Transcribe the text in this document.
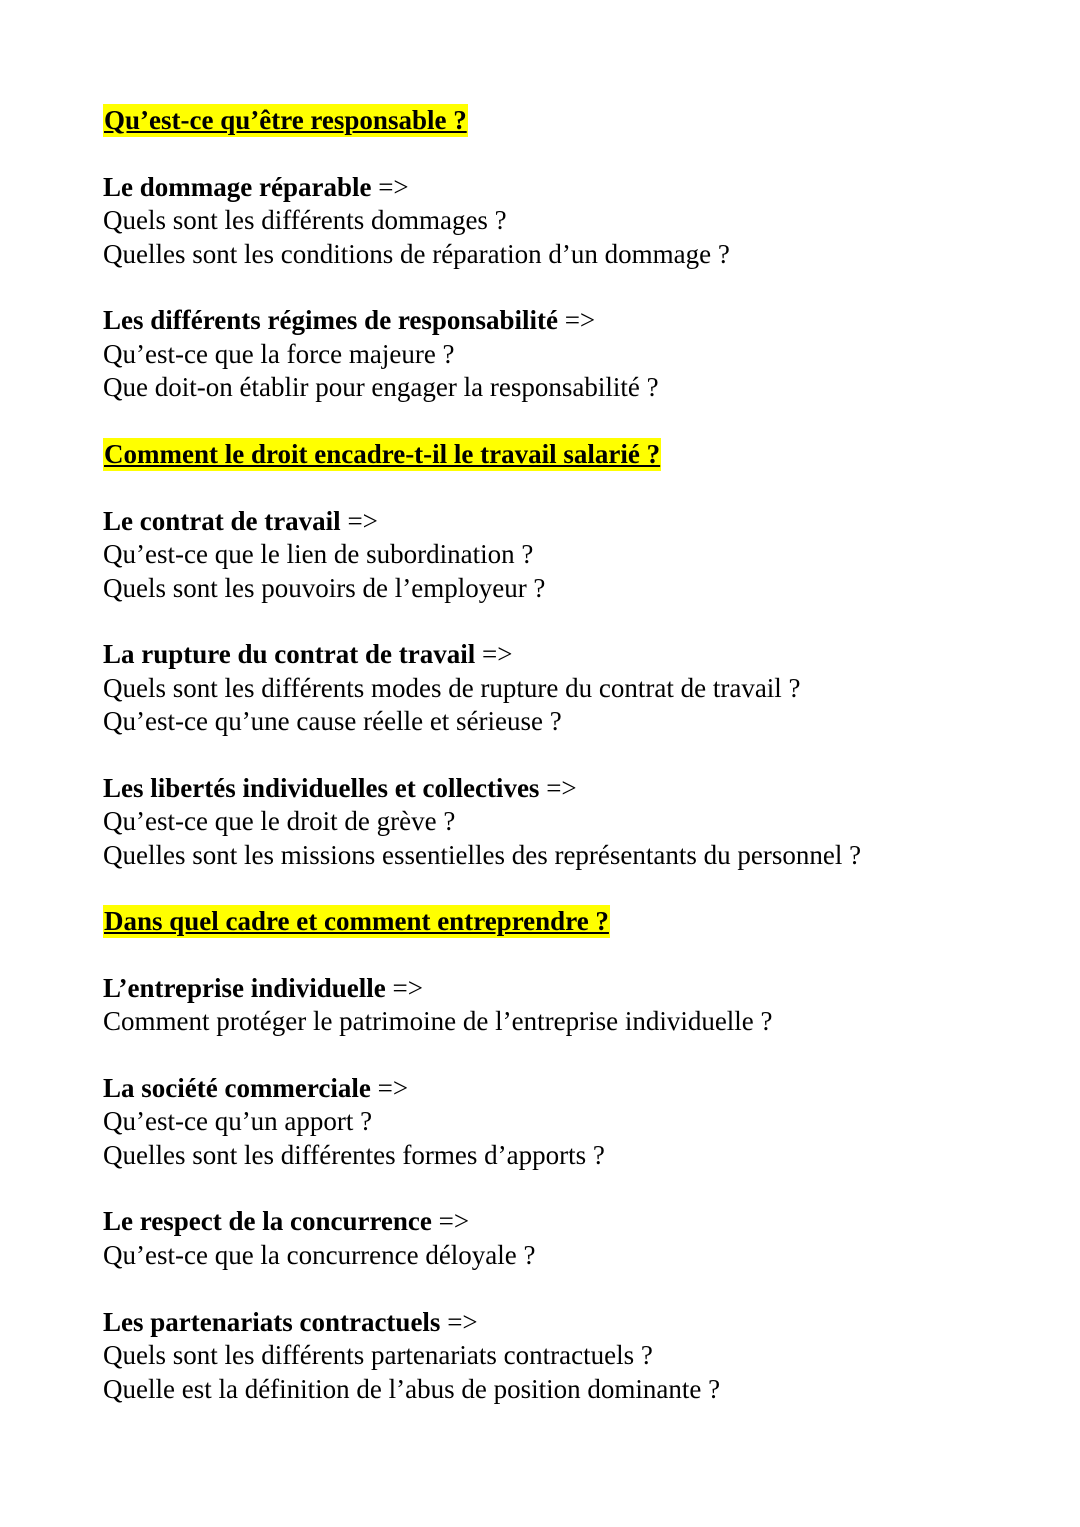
Qu’est-ce qu’être responsable ?
Le dommage réparable =>
Quels sont les différents dommages ?
Quelles sont les conditions de réparation d’un dommage ?
Les différents régimes de responsabilité =>
Qu’est-ce que la force majeure ?
Que doit-on établir pour engager la responsabilité ?
Comment le droit encadre-t-il le travail salarié ?
Le contrat de travail =>
Qu’est-ce que le lien de subordination ?
Quels sont les pouvoirs de l’employeur ?
La rupture du contrat de travail =>
Quels sont les différents modes de rupture du contrat de travail ?
Qu’est-ce qu’une cause réelle et sérieuse ?
Les libertés individuelles et collectives =>
Qu’est-ce que le droit de grève ?
Quelles sont les missions essentielles des représentants du personnel ?
Dans quel cadre et comment entreprendre ?
L’entreprise individuelle =>
Comment protéger le patrimoine de l’entreprise individuelle ?
La société commerciale =>
Qu’est-ce qu’un apport ?
Quelles sont les différentes formes d’apports ?
Le respect de la concurrence =>
Qu’est-ce que la concurrence déloyale ?
Les partenariats contractuels =>
Quels sont les différents partenariats contractuels ?
Quelle est la définition de l’abus de position dominante ?
